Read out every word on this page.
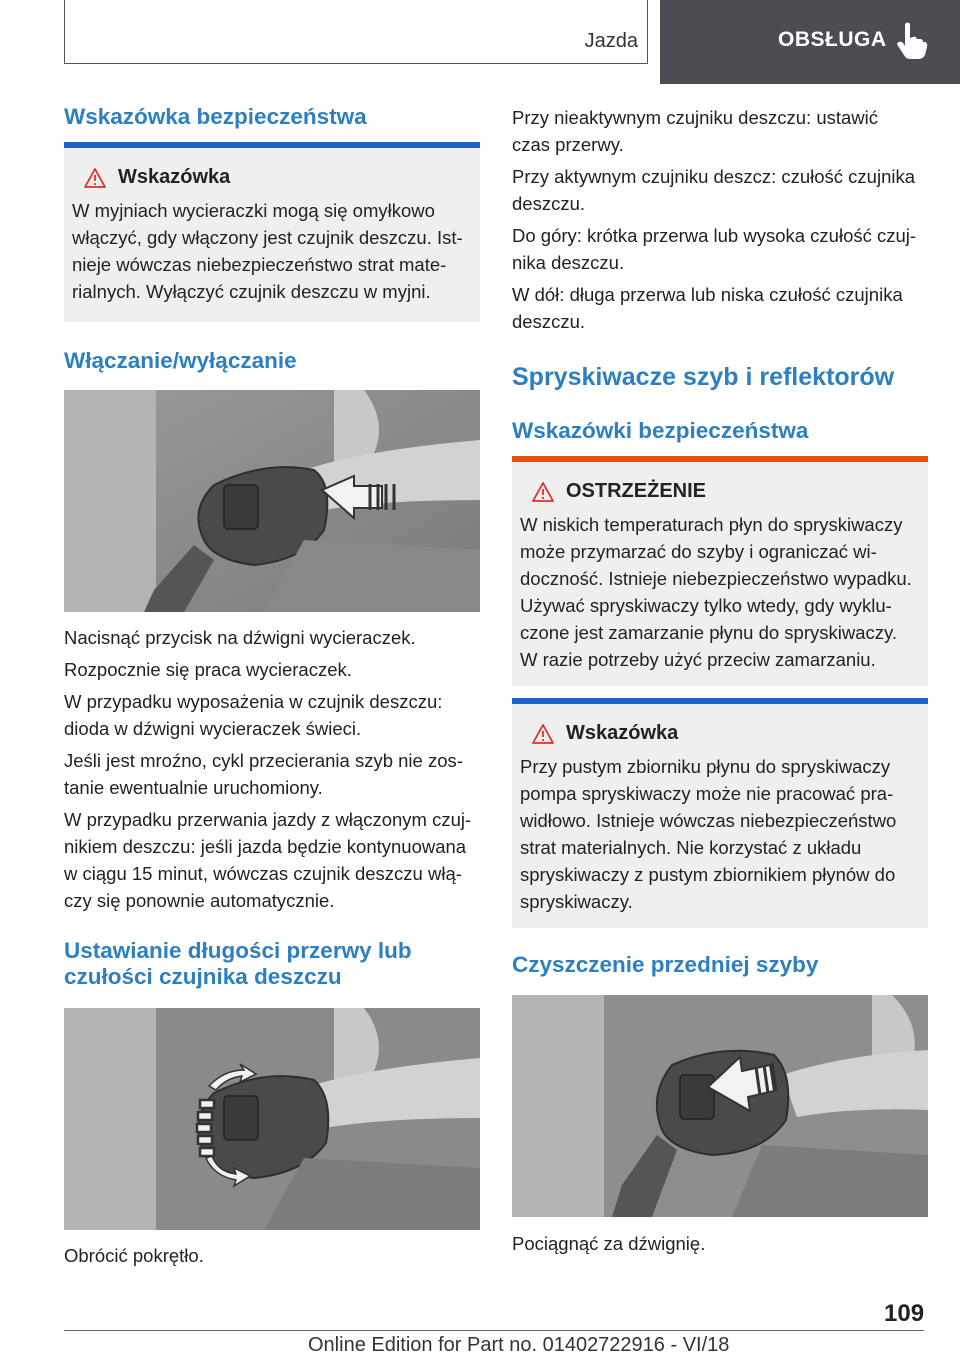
Jazda	OBSŁUGA
Wskazówka bezpieczeństwa
Wskazówka
W myjniach wycieraczki mogą się omyłkowo
włączyć, gdy włączony jest czujnik deszczu. Ist-
nieje wówczas niebezpieczeństwo strat mate-
rialnych. Wyłączyć czujnik deszczu w myjni.
Włączanie/wyłączanie

Nacisnąć przycisk na dźwigni wycieraczek.

Rozpocznie się praca wycieraczek.

W przypadku wyposażenia w czujnik deszczu:

dioda w dźwigni wycieraczek świeci.

Jeśli jest mroźno, cykl przecierania szyb nie zos-

tanie ewentualnie uruchomiony.

W przypadku przerwania jazdy z włączonym czuj-

nikiem deszczu: jeśli jazda będzie kontynuowana

w ciągu 15 minut, wówczas czujnik deszczu włą-

czy się ponownie automatycznie.

Ustawianie długości przerwy lub
czułości czujnika deszczu

Obrócić pokrętło.

Przy nieaktywnym czujniku deszczu: ustawić

czas przerwy.

Przy aktywnym czujniku deszcz: czułość czujnika

deszczu.

Do góry: krótka przerwa lub wysoka czułość czuj-

nika deszczu.

W dół: długa przerwa lub niska czułość czujnika

deszczu.

Spryskiwacze szyb i reflektorów
Wskazówki bezpieczeństwa
OSTRZEŻENIE
W niskich temperaturach płyn do spryskiwaczy
może przymarzać do szyby i ograniczać wi-
doczność. Istnieje niebezpieczeństwo wypadku.
Używać spryskiwaczy tylko wtedy, gdy wyklu-
czone jest zamarzanie płynu do spryskiwaczy.
W razie potrzeby użyć przeciw zamarzaniu.
Wskazówka
Przy pustym zbiorniku płynu do spryskiwaczy
pompa spryskiwaczy może nie pracować pra-
widłowo. Istnieje wówczas niebezpieczeństwo
strat materialnych. Nie korzystać z układu
spryskiwaczy z pustym zbiornikiem płynów do
spryskiwaczy.
Czyszczenie przedniej szyby

Pociągnąć za dźwignię.

109
Online Edition for Part no. 01402722916 - VI/18
